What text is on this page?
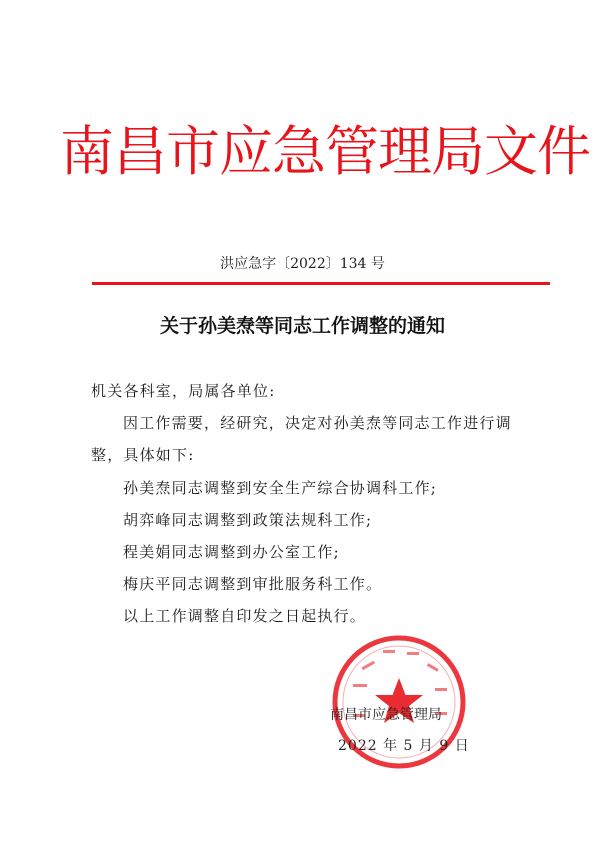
南昌市应急管理局文件
洪应急字〔2022〕134 号
关于孙美焘等同志工作调整的通知
机关各科室，局属各单位:
因工作需要，经研究，决定对孙美焘等同志工作进行调
整，具体如下:
孙美焘同志调整到安全生产综合协调科工作;
胡弈峰同志调整到政策法规科工作;
程美娟同志调整到办公室工作;
梅庆平同志调整到审批服务科工作。
以上工作调整自印发之日起执行。
南昌市应急管理局
2022 年 5 月 9 日
